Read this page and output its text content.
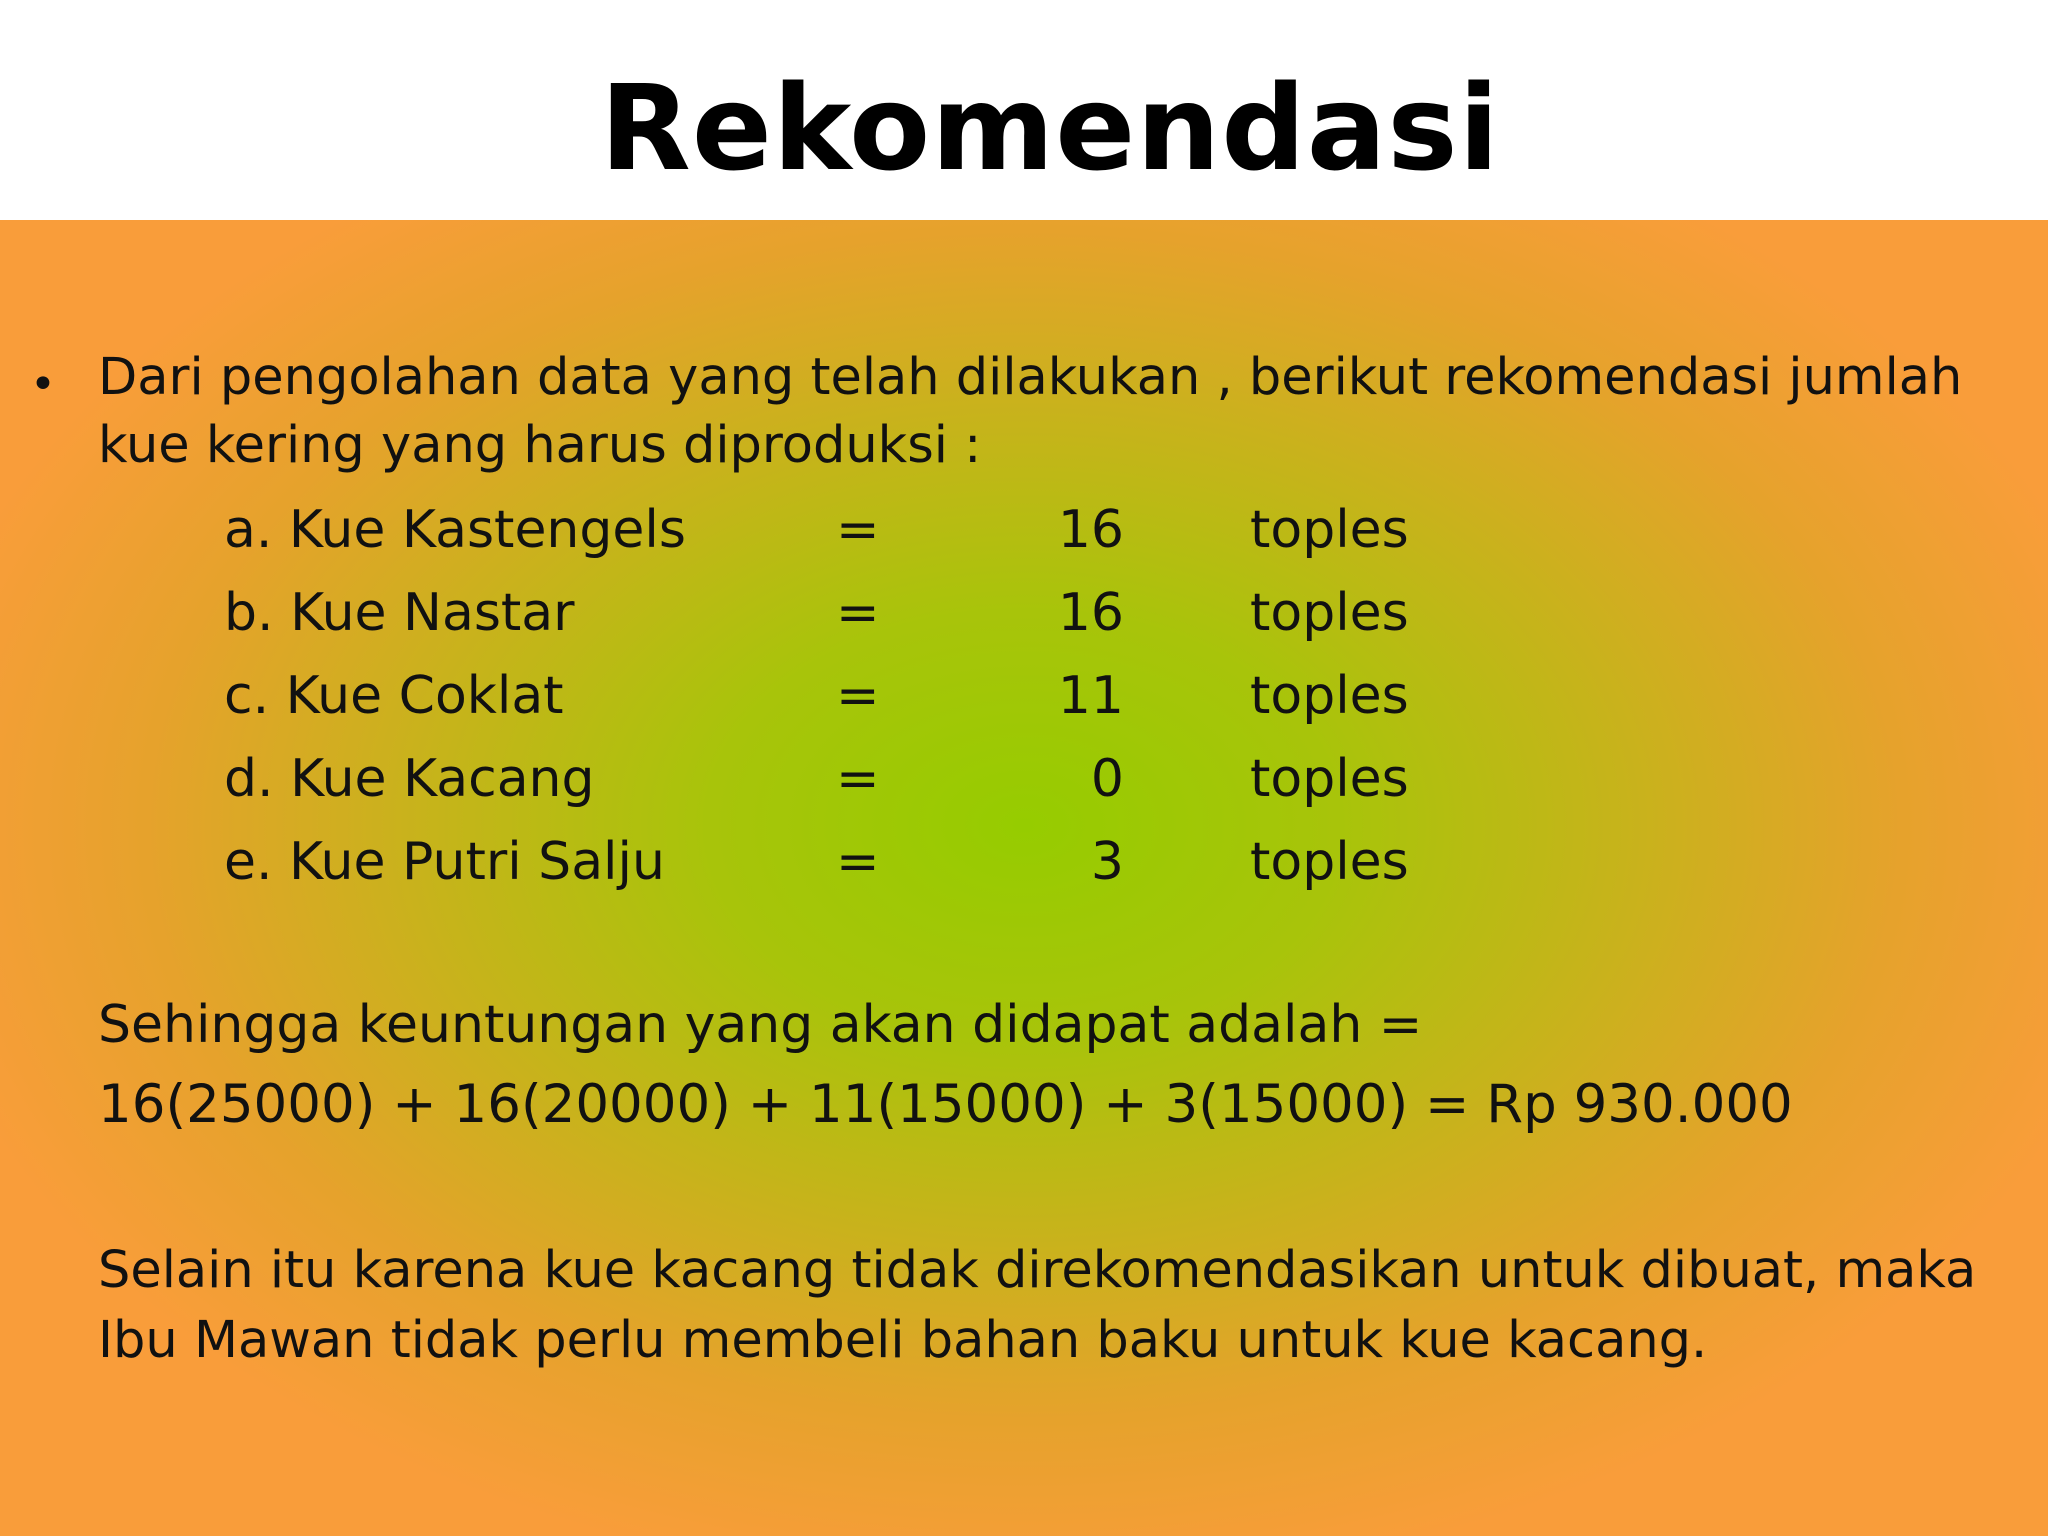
Rekomendasi
• Dari pengolahan data yang telah dilakukan , berikut rekomendasi jumlah kue kering yang harus diproduksi :

a. Kue Kastengels	=	16 toples
b. Kue Nastar	=	16 toples
c. Kue Coklat	=	11 toples
d. Kue Kacang	=	0 toples
e. Kue Putri Salju	=	3 toples

Sehingga keuntungan yang akan didapat adalah =

16(25000) + 16(20000) + 11(15000) + 3(15000) = Rp 930.000

Selain itu karena kue kacang tidak direkomendasikan untuk dibuat, maka Ibu Mawan tidak perlu membeli bahan baku untuk kue kacang.
